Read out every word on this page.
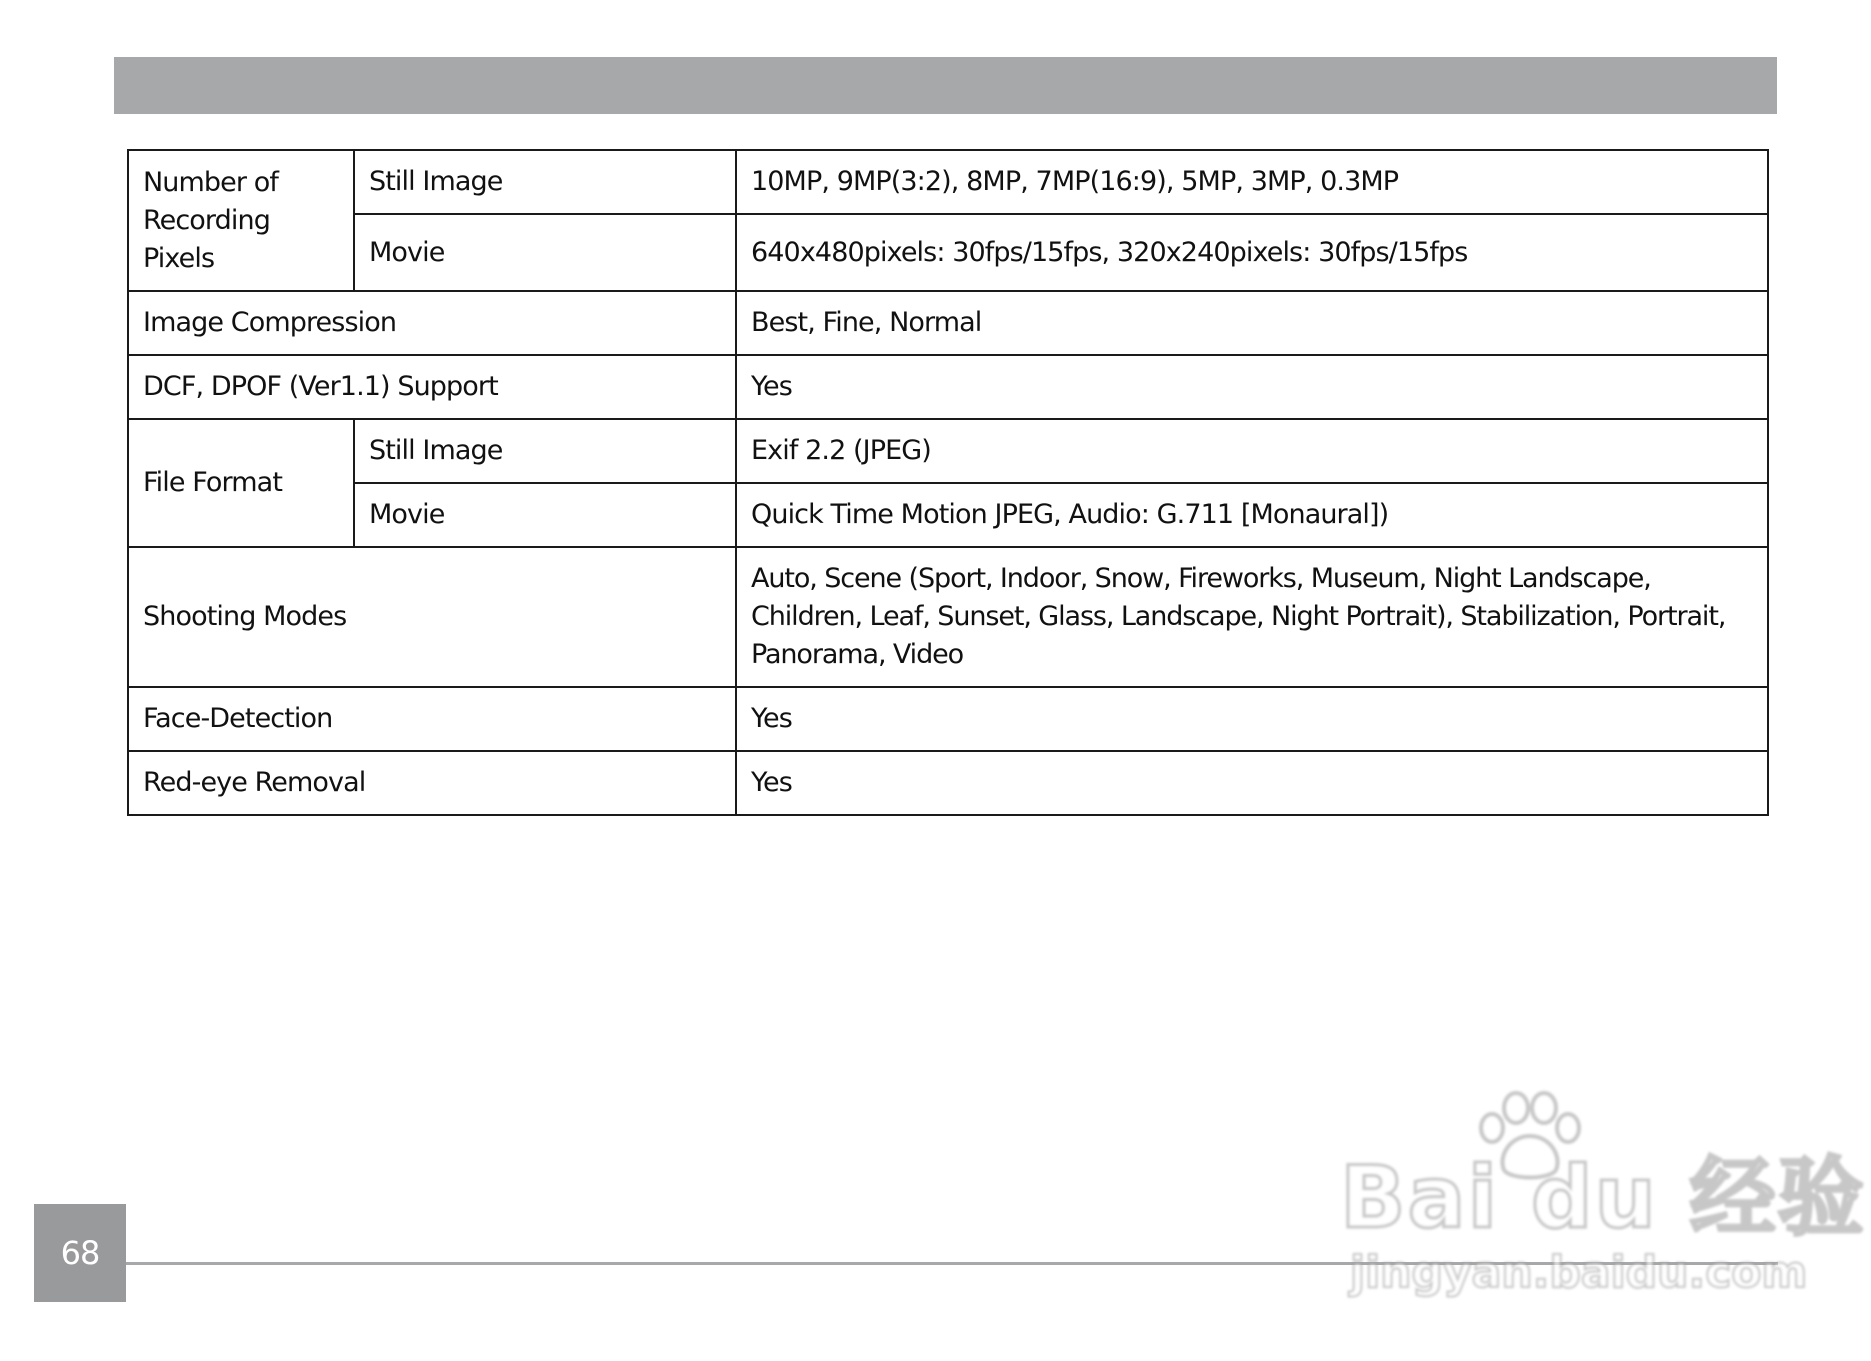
Number of Recording Pixels	Still Image	10MP, 9MP(3:2), 8MP, 7MP(16:9), 5MP, 3MP, 0.3MP
	Movie	640x480pixels: 30fps/15fps, 320x240pixels: 30fps/15fps
Image Compression		Best, Fine, Normal
DCF, DPOF (Ver1.1) Support		Yes
File Format	Still Image	Exif 2.2 (JPEG)
	Movie	Quick Time Motion JPEG, Audio: G.711 [Monaural])
Shooting Modes		Auto, Scene (Sport, Indoor, Snow, Fireworks, Museum, Night Landscape, Children, Leaf, Sunset, Glass, Landscape, Night Portrait), Stabilization, Portrait, Panorama, Video
Face-Detection		Yes
Red-eye Removal		Yes
68
Bai du 经验
jingyan.baidu.com
